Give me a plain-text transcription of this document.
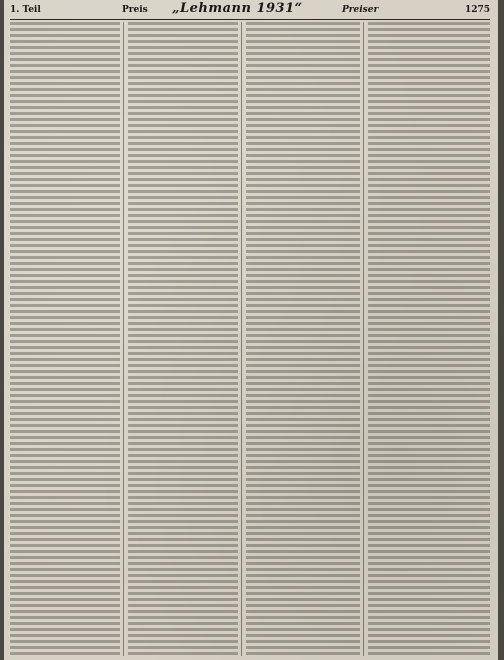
1. Teil	Preis „Lehmann 1931“	Preiser	1275
